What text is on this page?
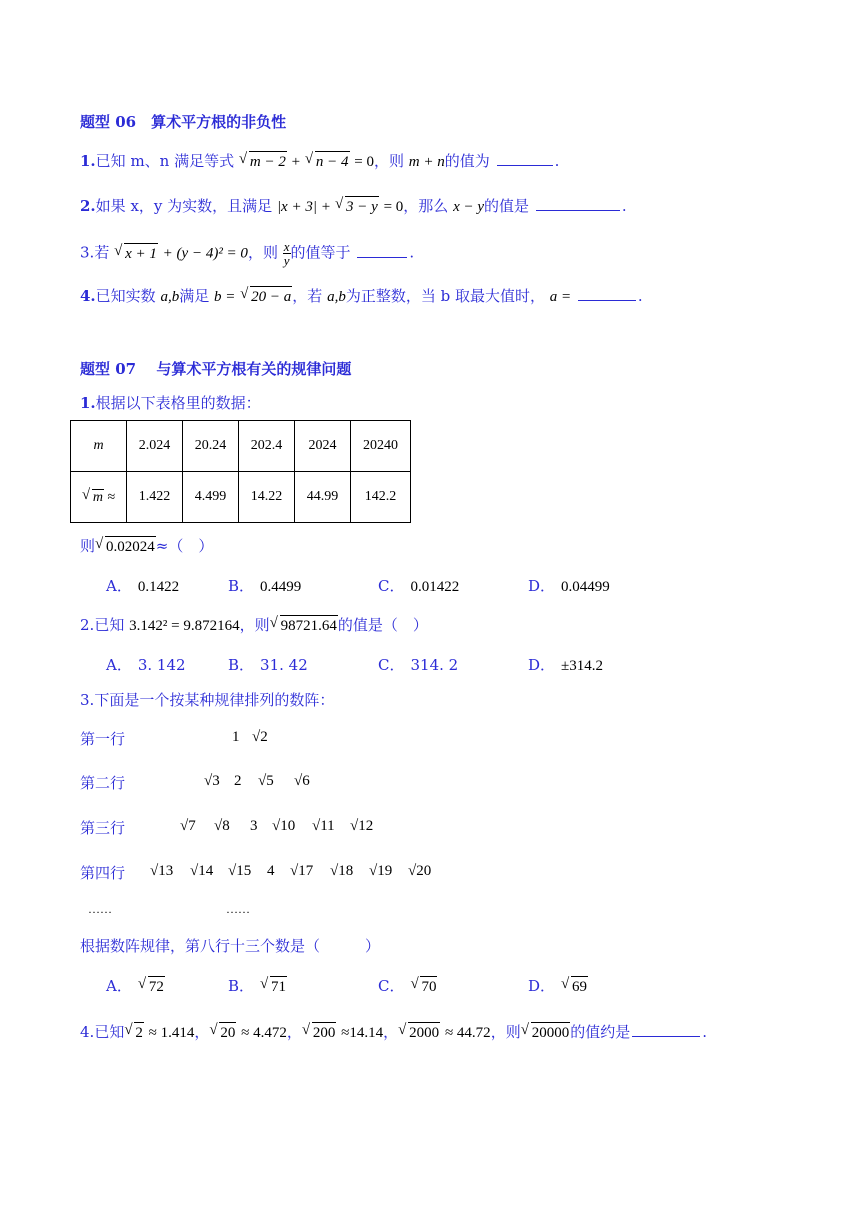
题型 06　算术平方根的非负性
1.已知 m、n 满足等式 √ m − 2 + √ n − 4 = 0，则 m + n的值为	.
2.如果 x，y 为实数，且满足 |x + 3| + √ 3 − y = 0，那么 x − y的值是	.
3.若 √ x + 1 + (y − 4)² = 0，则 $\frac{x}{y}$ 的值等于	.
4.已知实数 a,b满足 b = √ 20 − a，若 a,b为正整数，当 b 取最大值时， a =	.
题型 07　 与算术平方根有关的规律问题
1.根据以下表格里的数据：
m	2.024	20.24	202.4	2024	20240
√ m ≈	1.422	4.499	14.22	44.99	142.2
则 √ 0.02024≈（　）
A． 0.1422	B． 0.4499	C． 0.01422	D． 0.04499
2.已知 3.142² = 9.872164，则 √ 98721.64的值是（　）
A． 3. 142	B． 31. 42	C． 314. 2	D． ±314.2
3.下面是一个按某种规律排列的数阵：
第一行	1 √2
第二行	√3 2 √5 √6
第三行	√7 √8 3 √10 √11 √12
第四行 √13 √14 √15 4 √17 √18 √19 √20
……	……
根据数阵规律，第八行十三个数是（　　　）
A． √ 72	B． √ 71	C． √ 70	D． √ 69
4.已知 √ 2 ≈ 1.414， √ 20 ≈ 4.472， √ 200 ≈14.14， √ 2000 ≈ 44.72，则 √ 20000的值约是	.
